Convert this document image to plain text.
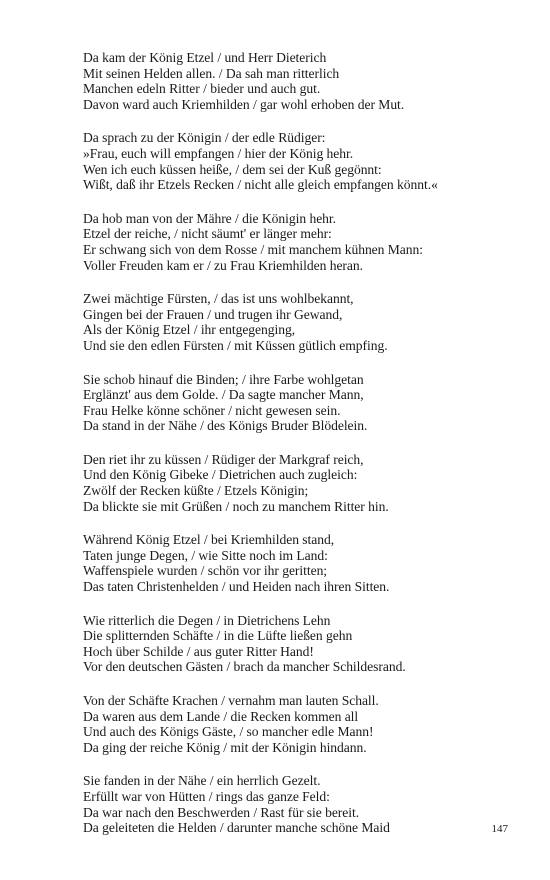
Da kam der König Etzel / und Herr Dieterich
Mit seinen Helden allen. / Da sah man ritterlich
Manchen edeln Ritter / bieder und auch gut.
Davon ward auch Kriemhilden / gar wohl erhoben der Mut.
Da sprach zu der Königin / der edle Rüdiger:
»Frau, euch will empfangen / hier der König hehr.
Wen ich euch küssen heiße, / dem sei der Kuß gegönnt:
Wißt, daß ihr Etzels Recken / nicht alle gleich empfangen könnt.«
Da hob man von der Mähre / die Königin hehr.
Etzel der reiche, / nicht säumt' er länger mehr:
Er schwang sich von dem Rosse / mit manchem kühnen Mann:
Voller Freuden kam er / zu Frau Kriemhilden heran.
Zwei mächtige Fürsten, / das ist uns wohlbekannt,
Gingen bei der Frauen / und trugen ihr Gewand,
Als der König Etzel / ihr entgegenging,
Und sie den edlen Fürsten / mit Küssen gütlich empfing.
Sie schob hinauf die Binden; / ihre Farbe wohlgetan
Erglänzt' aus dem Golde. / Da sagte mancher Mann,
Frau Helke könne schöner / nicht gewesen sein.
Da stand in der Nähe / des Königs Bruder Blödelein.
Den riet ihr zu küssen / Rüdiger der Markgraf reich,
Und den König Gibeke / Dietrichen auch zugleich:
Zwölf der Recken küßte / Etzels Königin;
Da blickte sie mit Grüßen / noch zu manchem Ritter hin.
Während König Etzel / bei Kriemhilden stand,
Taten junge Degen, / wie Sitte noch im Land:
Waffenspiele wurden / schön vor ihr geritten;
Das taten Christenhelden / und Heiden nach ihren Sitten.
Wie ritterlich die Degen / in Dietrichens Lehn
Die splitternden Schäfte / in die Lüfte ließen gehn
Hoch über Schilde / aus guter Ritter Hand!
Vor den deutschen Gästen / brach da mancher Schildesrand.
Von der Schäfte Krachen / vernahm man lauten Schall.
Da waren aus dem Lande / die Recken kommen all
Und auch des Königs Gäste, / so mancher edle Mann!
Da ging der reiche König / mit der Königin hindann.
Sie fanden in der Nähe / ein herrlich Gezelt.
Erfüllt war von Hütten / rings das ganze Feld:
Da war nach den Beschwerden / Rast für sie bereit.
Da geleiteten die Helden / darunter manche schöne Maid	147
